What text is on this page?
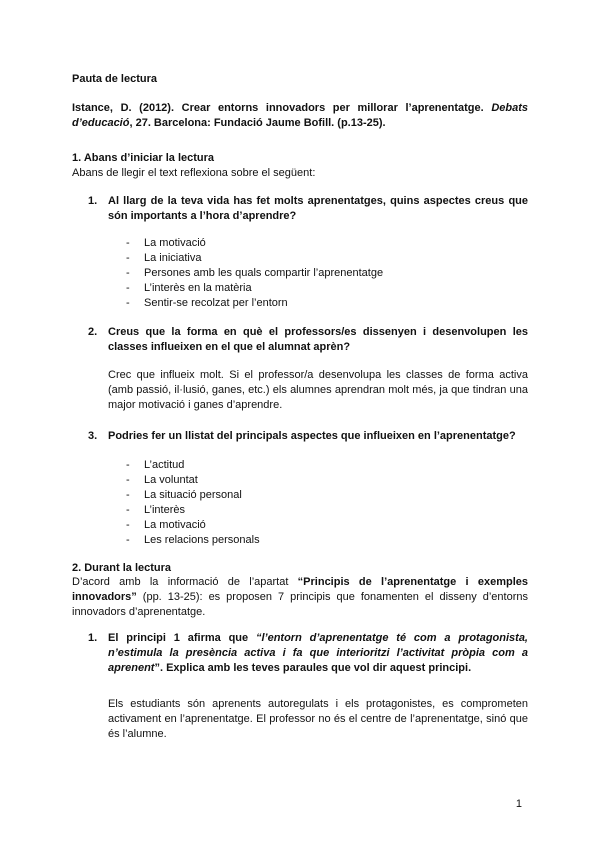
Pauta de lectura
Istance, D. (2012). Crear entorns innovadors per millorar l’aprenentatge. Debats d’educació, 27. Barcelona: Fundació Jaume Bofill. (p.13-25).
1. Abans d’iniciar la lectura
Abans de llegir el text reflexiona sobre el següent:
1. Al llarg de la teva vida has fet molts aprenentatges, quins aspectes creus que són importants a l’hora d’aprendre?
- La motivació
- La iniciativa
- Persones amb les quals compartir l’aprenentatge
- L’interès en la matèria
- Sentir-se recolzat per l’entorn
2. Creus que la forma en què el professors/es dissenyen i desenvolupen les classes influeixen en el que el alumnat aprèn?
Crec que influeix molt. Si el professor/a desenvolupa les classes de forma activa (amb passió, il·lusió, ganes, etc.) els alumnes aprendran molt més, ja que tindran una major motivació i ganes d’aprendre.
3. Podries fer un llistat del principals aspectes que influeixen en l’aprenentatge?
- L’actitud
- La voluntat
- La situació personal
- L’interès
- La motivació
- Les relacions personals
2. Durant la lectura
D’acord amb la informació de l’apartat “Principis de l’aprenentatge i exemples innovadors” (pp. 13-25): es proposen 7 principis que fonamenten el disseny d’entorns innovadors d’aprenentatge.
1. El principi 1 afirma que “l’entorn d’aprenentatge té com a protagonista, n’estimula la presència activa i fa que interioritzi l’activitat pròpia com a aprenent”. Explica amb les teves paraules que vol dir aquest principi.
Els estudiants són aprenents autoregulats i els protagonistes, es comprometen activament en l’aprenentatge. El professor no és el centre de l’aprenentatge, sinó que és l’alumne.
1
